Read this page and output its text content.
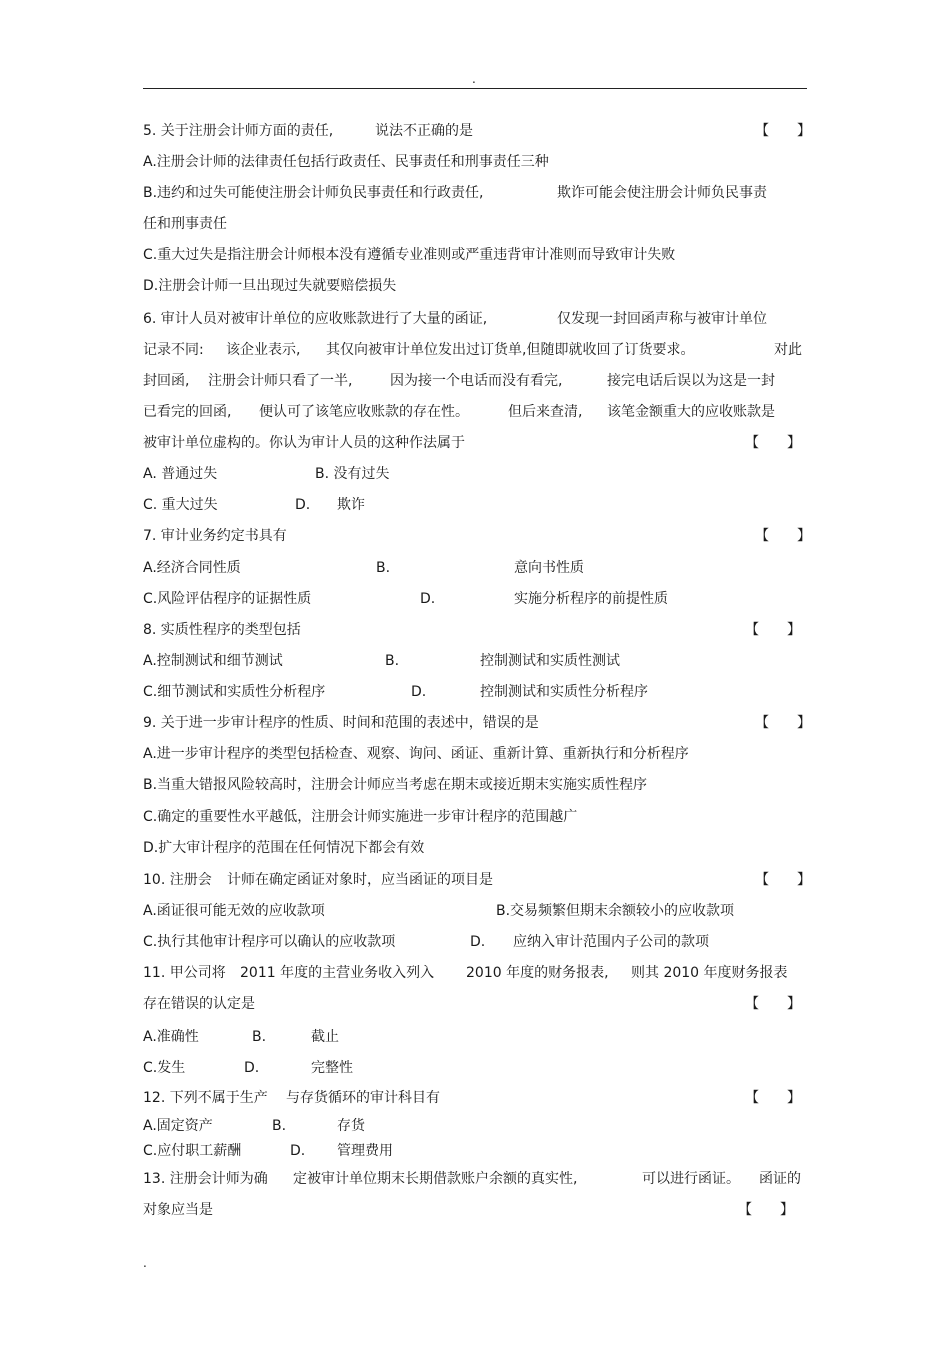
.
5. 关于注册会计师方面的责任,	说法不正确的是	【　　】
A.注册会计师的法律责任包括行政责任、民事责任和刑事责任三种
B.违约和过失可能使注册会计师负民事责任和行政责任,	欺诈可能会使注册会计师负民事责
任和刑事责任
C.重大过失是指注册会计师根本没有遵循专业准则或严重违背审计准则而导致审计失败
D.注册会计师一旦出现过失就要赔偿损失
6. 审计人员对被审计单位的应收账款进行了大量的函证,	仅发现一封回函声称与被审计单位
记录不同: 该企业表示, 其仅向被审计单位发出过订货单,但随即就收回了订货要求。	对此
封回函, 注册会计师只看了一半,	因为接一个电话而没有看完,	接完电话后误以为这是一封
已看完的回函, 便认可了该笔应收账款的存在性。	但后来查清, 该笔金额重大的应收账款是
被审计单位虚构的。你认为审计人员的这种作法属于	【　　】
A. 普通过失	B. 没有过失
C. 重大过失	D. 欺诈
7. 审计业务约定书具有	【　　】
A.经济合同性质	B.	意向书性质
C.风险评估程序的证据性质	D.	实施分析程序的前提性质
8. 实质性程序的类型包括	【　　】
A.控制测试和细节测试	B.	控制测试和实质性测试
C.细节测试和实质性分析程序	D.	控制测试和实质性分析程序
9. 关于进一步审计程序的性质、时间和范围的表述中，错误的是	【　　】
A.进一步审计程序的类型包括检查、观察、询问、函证、重新计算、重新执行和分析程序
B.当重大错报风险较高时，注册会计师应当考虑在期末或接近期末实施实质性程序
C.确定的重要性水平越低，注册会计师实施进一步审计程序的范围越广
D.扩大审计程序的范围在任何情况下都会有效
10. 注册会 计师在确定函证对象时，应当函证的项目是	【　　】
A.函证很可能无效的应收款项	B.交易频繁但期末余额较小的应收款项
C.执行其他审计程序可以确认的应收款项	D. 应纳入审计范围内子公司的款项
11. 甲公司将 2011 年度的主营业务收入列入 2010 年度的财务报表, 则其 2010 年度财务报表
存在错误的认定是	【　　】
A.准确性	B.	截止
C.发生	D.	完整性
12. 下列不属于生产 与存货循环的审计科目有	【　　】
A.固定资产	B.	存货
C.应付职工薪酬	D. 管理费用
13. 注册会计师为确 定被审计单位期末长期借款账户余额的真实性,	可以进行函证。 函证的
对象应当是	【　　】
.
